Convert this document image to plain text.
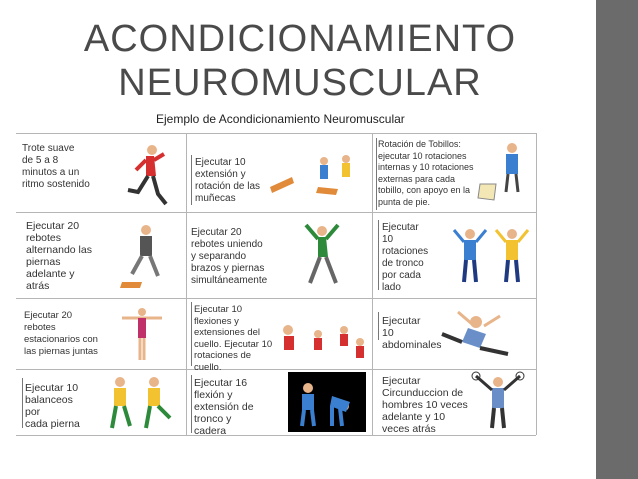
ACONDICIONAMIENTO
NEUROMUSCULAR
Ejemplo de Acondicionamiento Neuromuscular
Trote suave
de 5 a 8
minutos a un
ritmo sostenido
Ejecutar 10
extensión y
rotación de las
muñecas
Rotación de Tobillos:
ejecutar 10 rotaciones
internas y 10 rotaciones
externas para cada
tobillo, con apoyo en la
punta de pie.
Ejecutar 20
rebotes
alternando las
piernas
adelante y
atrás
Ejecutar 20
rebotes uniendo
y separando
brazos y piernas
simultáneamente
Ejecutar
10
rotaciones
de tronco
por cada
lado
Ejecutar 20
rebotes
estacionarios con
las piernas juntas
Ejecutar 10
flexiones y
extensiones del
cuello. Ejecutar 10
rotaciones de
cuello.
Ejecutar 10
abdominales
Ejecutar 10
balanceos
por
cada pierna
Ejecutar 16
flexión y
extensión de
tronco y
cadera
Ejecutar
Circunduccion de
hombres 10 veces
adelante y 10
veces atrás
